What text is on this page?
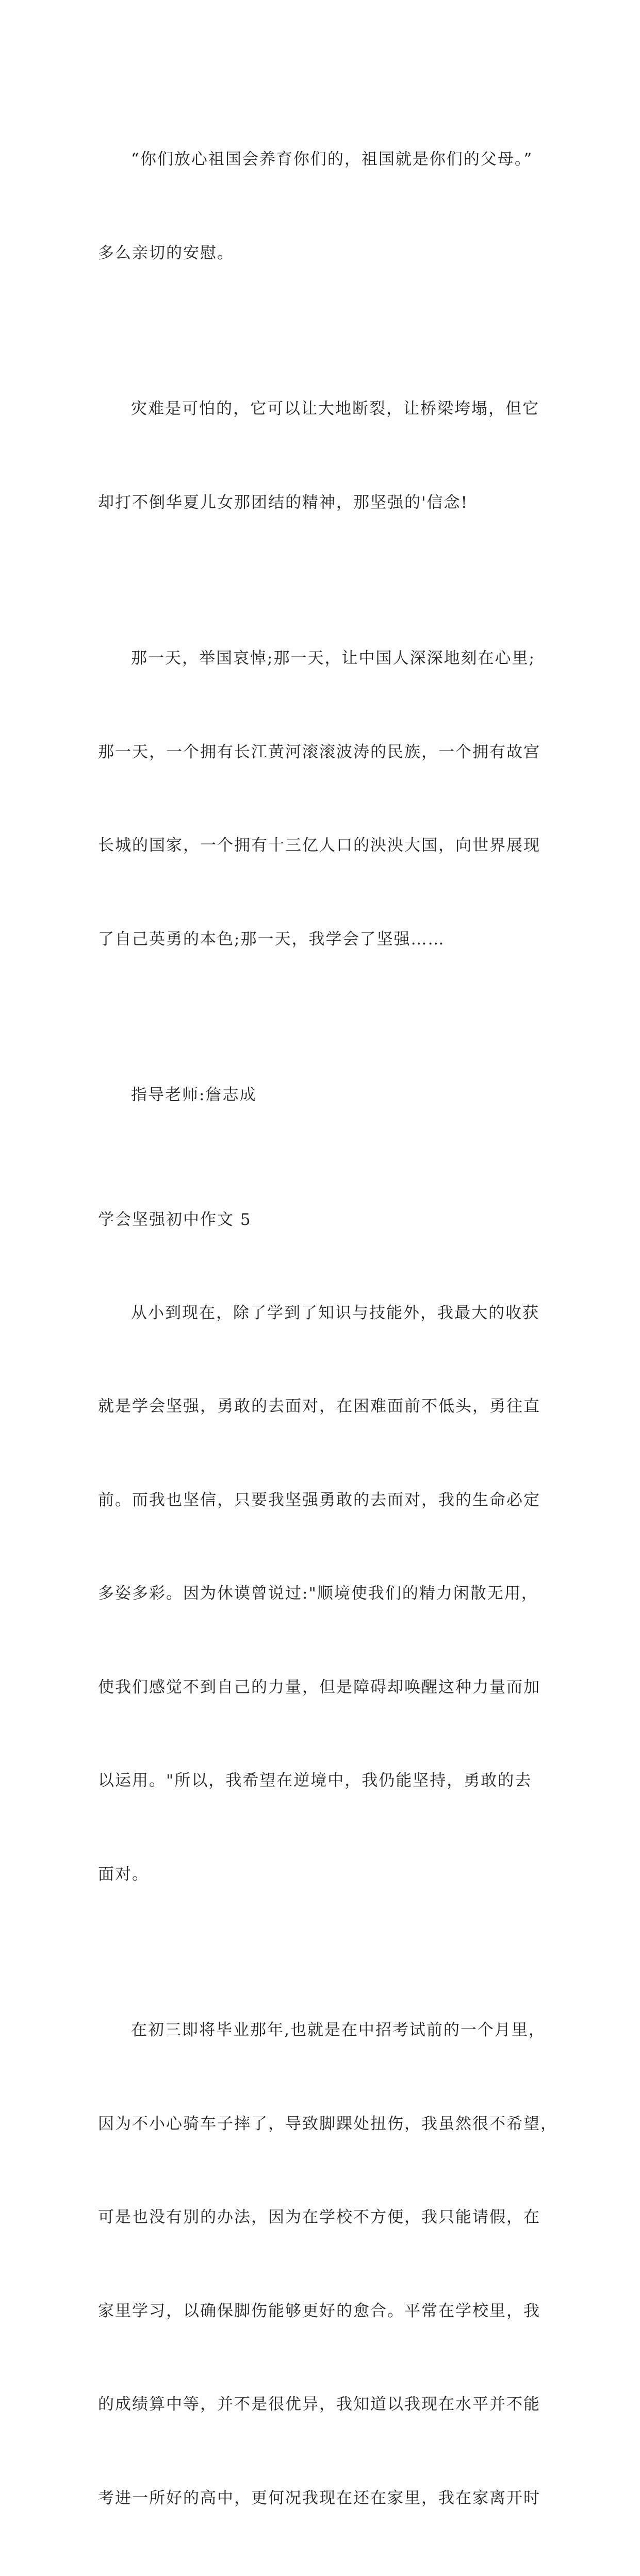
“你们放心祖国会养育你们的，祖国就是你们的父母。”

多么亲切的安慰。

灾难是可怕的，它可以让大地断裂，让桥梁垮塌，但它

却打不倒华夏儿女那团结的精神，那坚强的'信念!

那一天，举国哀悼;那一天，让中国人深深地刻在心里;

那一天，一个拥有长江黄河滚滚波涛的民族，一个拥有故宫

长城的国家，一个拥有十三亿人口的泱泱大国，向世界展现

了自己英勇的本色;那一天，我学会了坚强……

指导老师:詹志成

学会坚强初中作文 5

从小到现在，除了学到了知识与技能外，我最大的收获

就是学会坚强，勇敢的去面对，在困难面前不低头，勇往直

前。而我也坚信，只要我坚强勇敢的去面对，我的生命必定

多姿多彩。因为休谟曾说过:"顺境使我们的精力闲散无用，

使我们感觉不到自己的力量，但是障碍却唤醒这种力量而加

以运用。"所以，我希望在逆境中，我仍能坚持，勇敢的去

面对。

在初三即将毕业那年,也就是在中招考试前的一个月里，

因为不小心骑车子摔了，导致脚踝处扭伤，我虽然很不希望，

可是也没有别的办法，因为在学校不方便，我只能请假，在

家里学习，以确保脚伤能够更好的愈合。平常在学校里，我

的成绩算中等，并不是很优异，我知道以我现在水平并不能

考进一所好的高中，更何况我现在还在家里，我在家离开时
